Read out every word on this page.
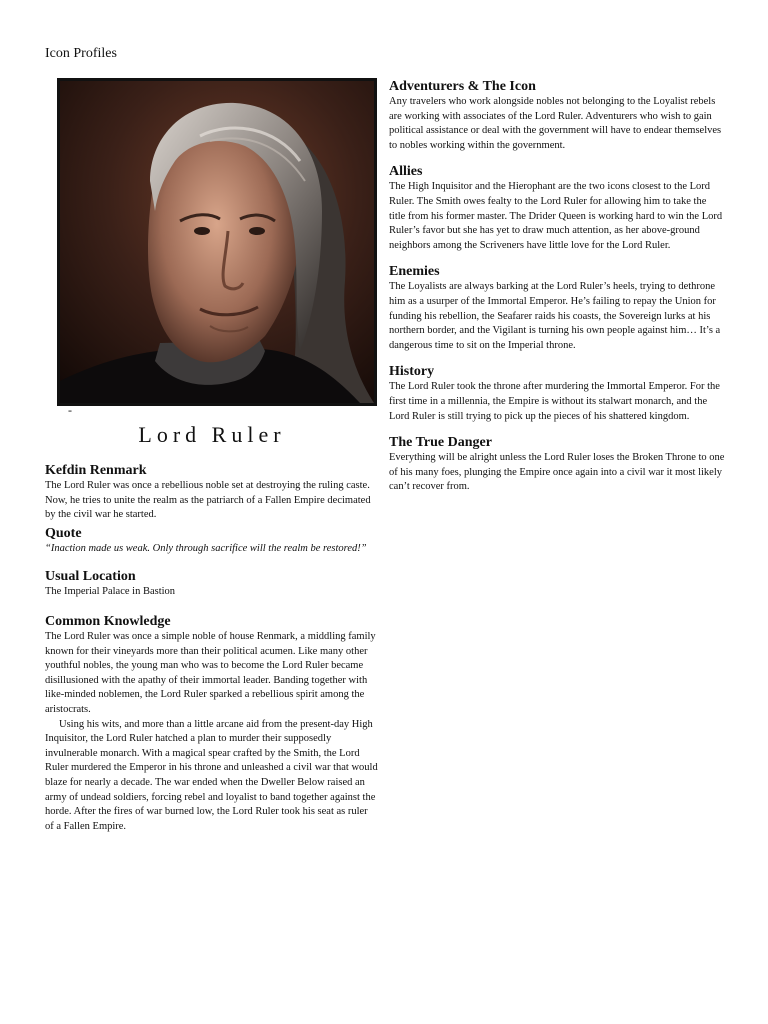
Icon Profiles
-
Lord Ruler
Kefdin Renmark

The Lord Ruler was once a rebellious noble set at destroying the ruling caste. Now, he tries to unite the realm as the patriarch of a Fallen Empire decimated by the civil war he started.

Quote

“Inaction made us weak. Only through sacrifice will the realm be restored!”

Usual Location

The Imperial Palace in Bastion

Common Knowledge

The Lord Ruler was once a simple noble of house Renmark, a middling family known for their vineyards more than their political acumen. Like many other youthful nobles, the young man who was to become the Lord Ruler became disillusioned with the apathy of their immortal leader. Banding together with like-minded noblemen, the Lord Ruler sparked a rebellious spirit among the aristocrats.

Using his wits, and more than a little arcane aid from the present-day High Inquisitor, the Lord Ruler hatched a plan to murder their supposedly invulnerable monarch. With a magical spear crafted by the Smith, the Lord Ruler murdered the Emperor in his throne and unleashed a civil war that would blaze for nearly a decade. The war ended when the Dweller Below raised an army of undead soldiers, forcing rebel and loyalist to band together against the horde. After the fires of war burned low, the Lord Ruler took his seat as ruler of a Fallen Empire.

Adventurers & The Icon

Any travelers who work alongside nobles not belonging to the Loyalist rebels are working with associates of the Lord Ruler. Adventurers who wish to gain political assistance or deal with the government will have to endear themselves to nobles working within the government.

Allies

The High Inquisitor and the Hierophant are the two icons closest to the Lord Ruler. The Smith owes fealty to the Lord Ruler for allowing him to take the title from his former master. The Drider Queen is working hard to win the Lord Ruler’s favor but she has yet to draw much attention, as her above-ground neighbors among the Scriveners have little love for the Lord Ruler.

Enemies

The Loyalists are always barking at the Lord Ruler’s heels, trying to dethrone him as a usurper of the Immortal Emperor. He’s failing to repay the Union for funding his rebellion, the Seafarer raids his coasts, the Sovereign lurks at his northern border, and the Vigilant is turning his own people against him… It’s a dangerous time to sit on the Imperial throne.

History

The Lord Ruler took the throne after murdering the Immortal Emperor. For the first time in a millennia, the Empire is without its stalwart monarch, and the Lord Ruler is still trying to pick up the pieces of his shattered kingdom.

The True Danger

Everything will be alright unless the Lord Ruler loses the Broken Throne to one of his many foes, plunging the Empire once again into a civil war it most likely can’t recover from.
